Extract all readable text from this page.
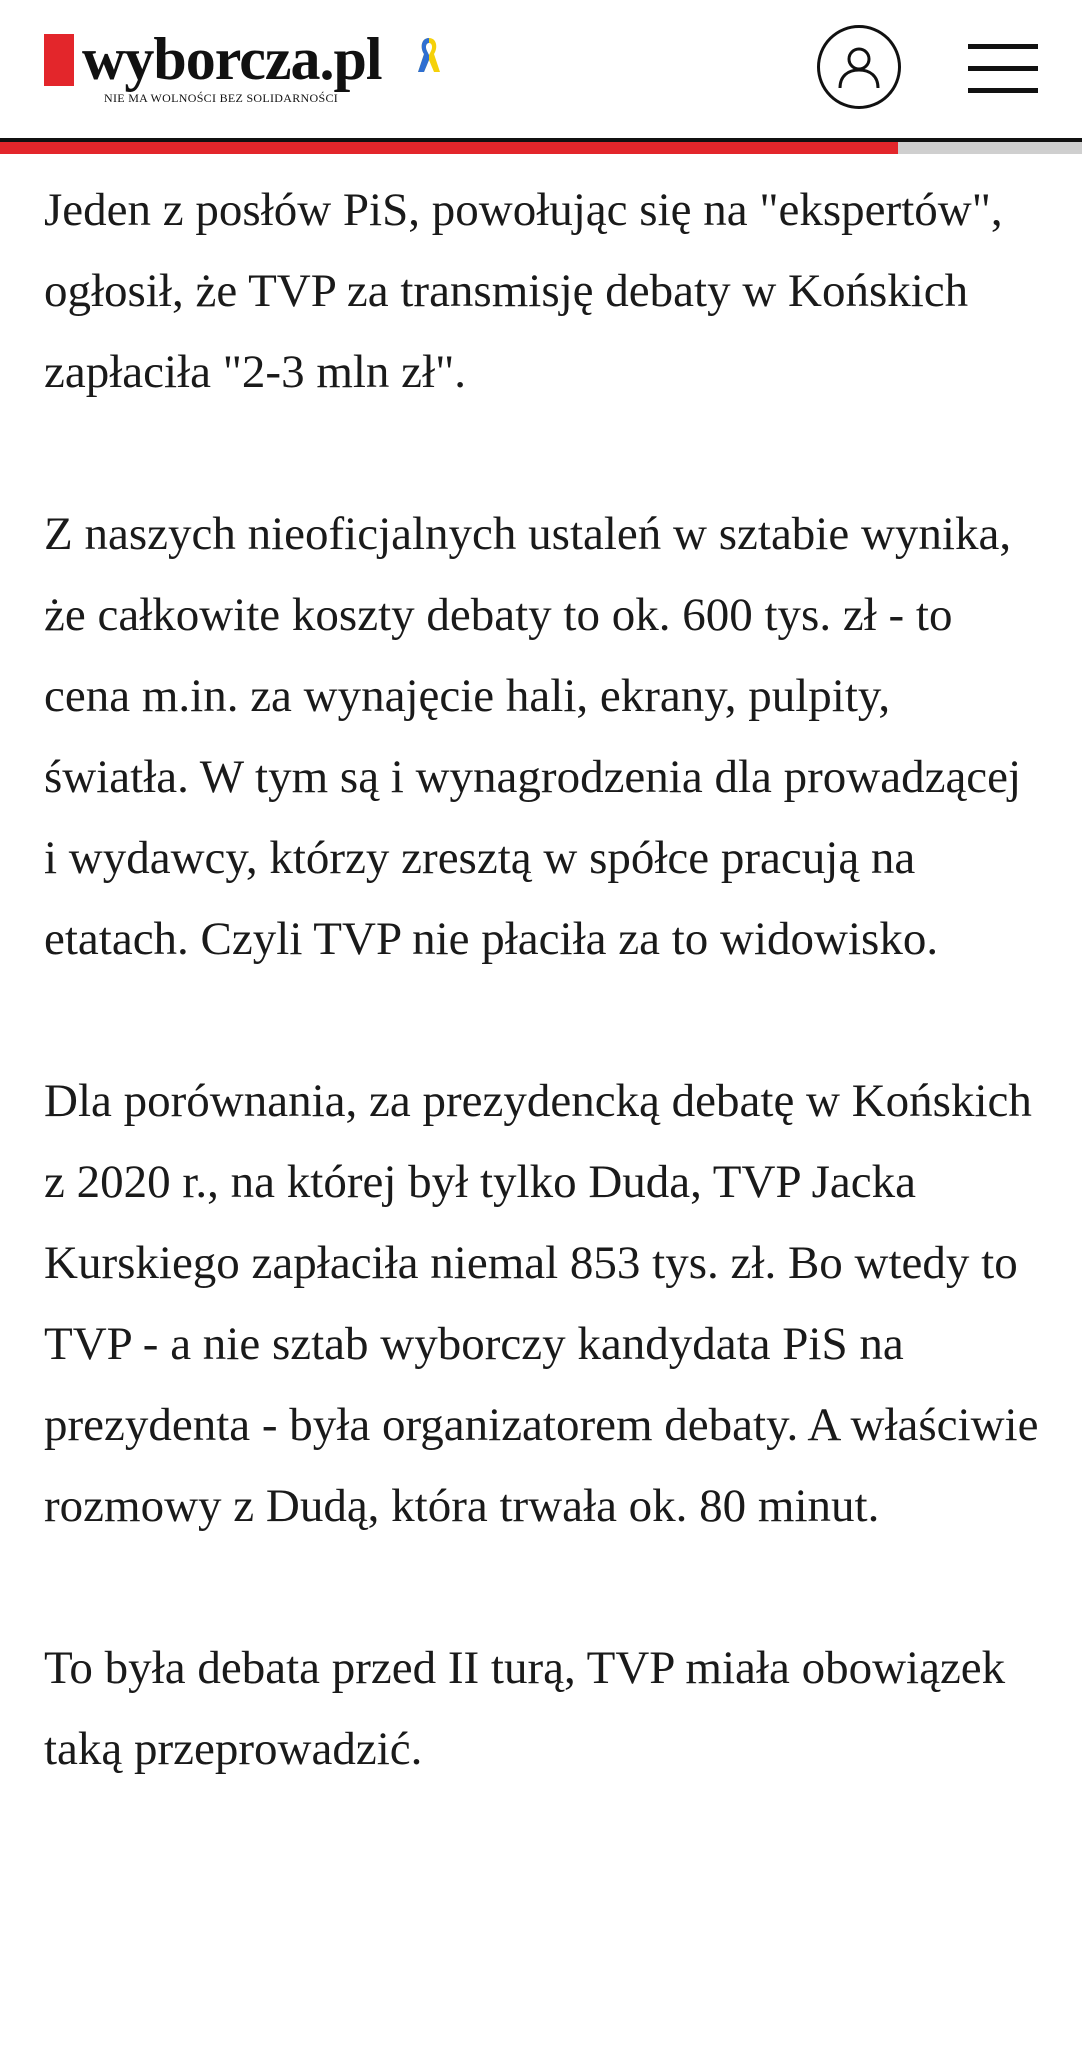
wyborcza.pl
NIE MA WOLNOŚCI BEZ SOLIDARNOŚCI

Jeden z posłów PiS, powołując się na "ekspertów", ogłosił, że TVP za transmisję debaty w Końskich zapłaciła "2-3 mln zł".

Z naszych nieoficjalnych ustaleń w sztabie wynika, że całkowite koszty debaty to ok. 600 tys. zł - to cena m.in. za wynajęcie hali, ekrany, pulpity, światła. W tym są i wynagrodzenia dla prowadzącej i wydawcy, którzy zresztą w spółce pracują na etatach. Czyli TVP nie płaciła za to widowisko.

Dla porównania, za prezydencką debatę w Końskich z 2020 r., na której był tylko Duda, TVP Jacka Kurskiego zapłaciła niemal 853 tys. zł. Bo wtedy to TVP - a nie sztab wyborczy kandydata PiS na prezydenta - była organizatorem debaty. A właściwie rozmowy z Dudą, która trwała ok. 80 minut.

To była debata przed II turą, TVP miała obowiązek taką przeprowadzić.
